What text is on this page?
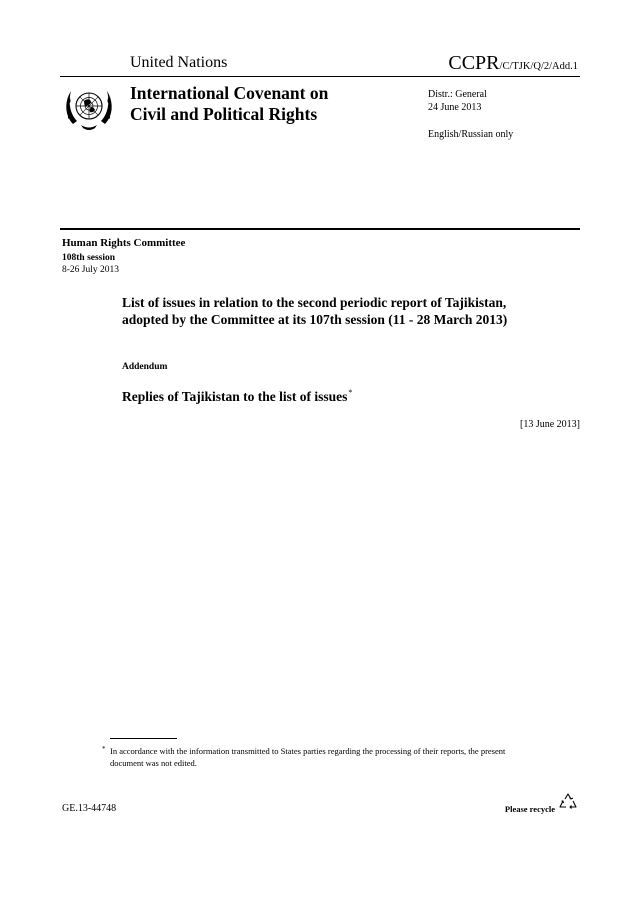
United Nations	CCPR/C/TJK/Q/2/Add.1
International Covenant on
Civil and Political Rights
Distr.: General
24 June 2013
English/Russian only
Human Rights Committee
108th session
8-26 July 2013
List of issues in relation to the second periodic report of Tajikistan, adopted by the Committee at its 107th session (11 - 28 March 2013)
Addendum
Replies of Tajikistan to the list of issues*
[13 June 2013]
* In accordance with the information transmitted to States parties regarding the processing of their reports, the present document was not edited.
GE.13-44748	Please recycle
